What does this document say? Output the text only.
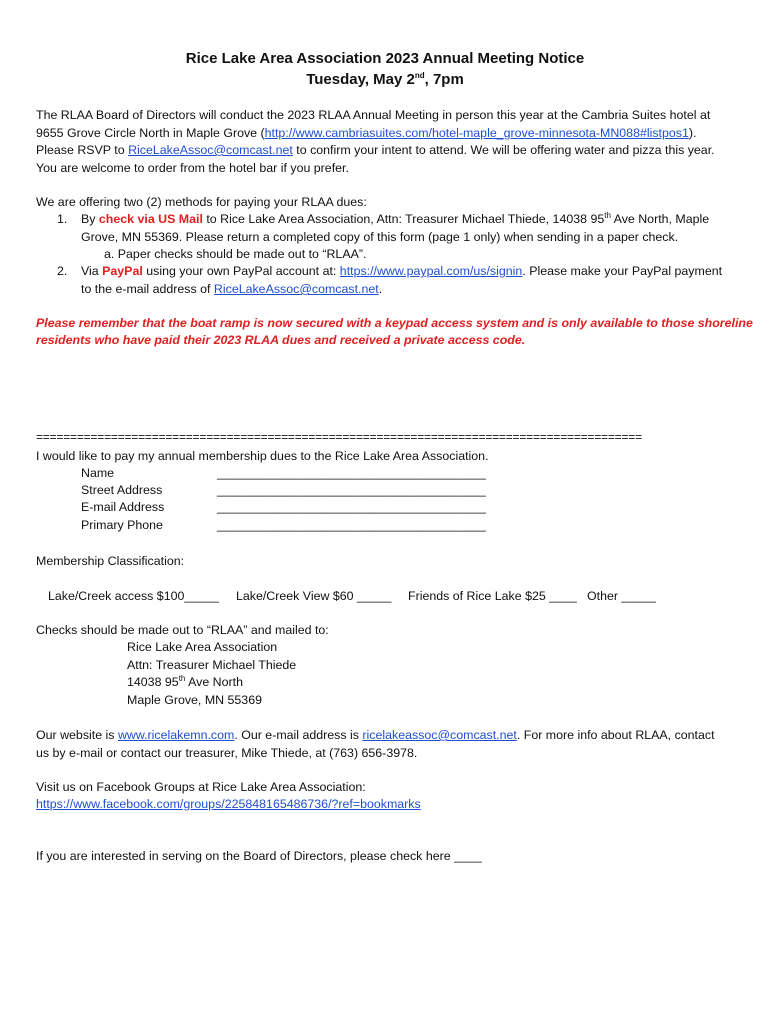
Rice Lake Area Association 2023 Annual Meeting Notice
Tuesday, May 2nd, 7pm
The RLAA Board of Directors will conduct the 2023 RLAA Annual Meeting in person this year at the Cambria Suites hotel at
9655 Grove Circle North in Maple Grove (http://www.cambriasuites.com/hotel-maple_grove-minnesota-MN088#listpos1).
Please RSVP to RiceLakeAssoc@comcast.net to confirm your intent to attend. We will be offering water and pizza this year.
You are welcome to order from the hotel bar if you prefer.
We are offering two (2) methods for paying your RLAA dues:
1. By check via US Mail to Rice Lake Area Association, Attn: Treasurer Michael Thiede, 14038 95th Ave North, Maple
Grove, MN 55369. Please return a completed copy of this form (page 1 only) when sending in a paper check.
a. Paper checks should be made out to “RLAA”.
2. Via PayPal using your own PayPal account at: https://www.paypal.com/us/signin. Please make your PayPal payment
to the e-mail address of RiceLakeAssoc@comcast.net.
Please remember that the boat ramp is now secured with a keypad access system and is only available to those shoreline
residents who have paid their 2023 RLAA dues and received a private access code.
=========================================================================================
I would like to pay my annual membership dues to the Rice Lake Area Association.
Name	_______________________________________
Street Address	_______________________________________
E-mail Address	_______________________________________
Primary Phone	_______________________________________
Membership Classification:
Lake/Creek access $100_____ Lake/Creek View $60 _____ Friends of Rice Lake $25 ____ Other _____
Checks should be made out to “RLAA” and mailed to:
Rice Lake Area Association
Attn: Treasurer Michael Thiede
14038 95th Ave North
Maple Grove, MN 55369
Our website is www.ricelakemn.com. Our e-mail address is ricelakeassoc@comcast.net. For more info about RLAA, contact
us by e-mail or contact our treasurer, Mike Thiede, at (763) 656-3978.
Visit us on Facebook Groups at Rice Lake Area Association:
https://www.facebook.com/groups/225848165486736/?ref=bookmarks
If you are interested in serving on the Board of Directors, please check here ____
